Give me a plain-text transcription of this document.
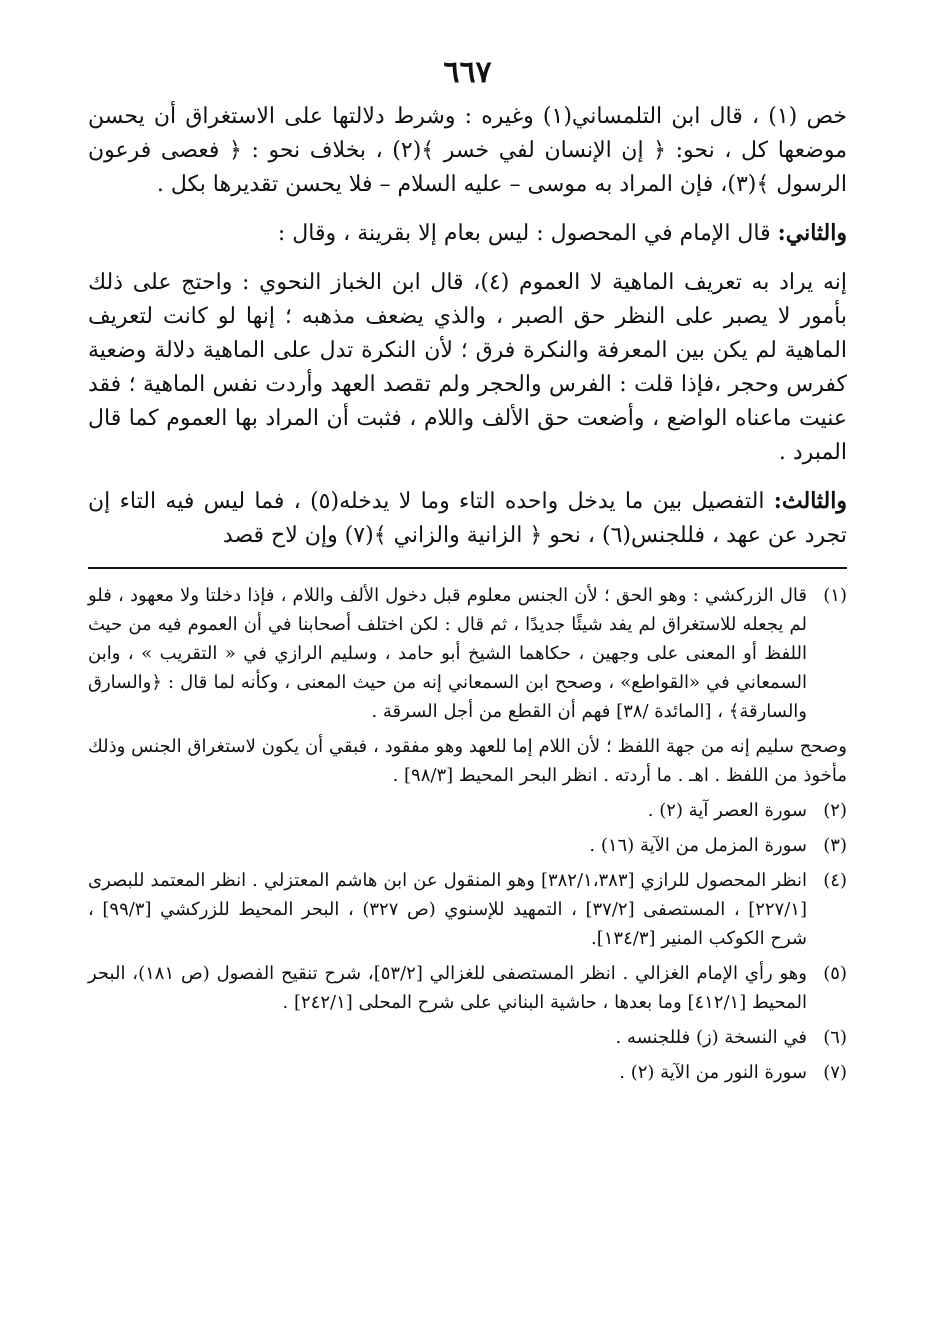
٦٦٧

خص (١) ، قال ابن التلمساني(١) وغيره : وشرط دلالتها على الاستغراق أن يحسن موضعها كل ، نحو: ﴿ إن الإنسان لفي خسر ﴾(٢) ، بخلاف نحو : ﴿ فعصى فرعون الرسول ﴾(٣)، فإن المراد به موسى – عليه السلام – فلا يحسن تقديرها بكل .

والثاني: قال الإمام في المحصول : ليس بعام إلا بقرينة ، وقال :

إنه يراد به تعريف الماهية لا العموم (٤)، قال ابن الخباز النحوي : واحتج على ذلك بأمور لا يصبر على النظر حق الصبر ، والذي يضعف مذهبه ؛ إنها لو كانت لتعريف الماهية لم يكن بين المعرفة والنكرة فرق ؛ لأن النكرة تدل على الماهية دلالة وضعية كفرس وحجر ،فإذا قلت : الفرس والحجر ولم تقصد العهد وأردت نفس الماهية ؛ فقد عنيت ماعناه الواضع ، وأضعت حق الألف واللام ، فثبت أن المراد بها العموم كما قال المبرد .

والثالث: التفصيل بين ما يدخل واحده التاء وما لا يدخله(٥) ، فما ليس فيه التاء إن تجرد عن عهد ، فللجنس(٦) ، نحو ﴿ الزانية والزاني ﴾(٧) وإن لاح قصد

(١)
قال الزركشي : وهو الحق ؛ لأن الجنس معلوم قبل دخول الألف واللام ، فإذا دخلتا ولا معهود ، فلو لم يجعله للاستغراق لم يفد شيئًا جديدًا ، ثم قال : لكن اختلف أصحابنا في أن العموم فيه من حيث اللفظ أو المعنى على وجهين ، حكاهما الشيخ أبو حامد ، وسليم الرازي في « التقريب » ، وابن السمعاني في «القواطع» ، وصحح ابن السمعاني إنه من حيث المعنى ، وكأنه لما قال : ﴿والسارق والسارقة﴾ ، [المائدة /٣٨] فهم أن القطع من أجل السرقة .
وصحح سليم إنه من جهة اللفظ ؛ لأن اللام إما للعهد وهو مفقود ، فبقي أن يكون لاستغراق الجنس وذلك مأخوذ من اللفظ . اهـ . ما أردته . انظر البحر المحيط [٩٨/٣] .
(٢)
سورة العصر آية (٢) .
(٣)
سورة المزمل من الآية (١٦) .
(٤)
انظر المحصول للرازي [٣٨٢/١،٣٨٣] وهو المنقول عن ابن هاشم المعتزلي . انظر المعتمد للبصرى [٢٢٧/١] ، المستصفى [٣٧/٢] ، التمهيد للإسنوي (ص ٣٢٧) ، البحر المحيط للزركشي [٩٩/٣] ، شرح الكوكب المنير [١٣٤/٣].
(٥)
وهو رأي الإمام الغزالي . انظر المستصفى للغزالي [٥٣/٢]، شرح تنقيح الفصول (ص ١٨١)، البحر المحيط [٤١٢/١] وما بعدها ، حاشية البناني على شرح المحلى [٢٤٢/١] .
(٦)
في النسخة (ز) فللجنسه .
(٧)
سورة النور من الآية (٢) .
